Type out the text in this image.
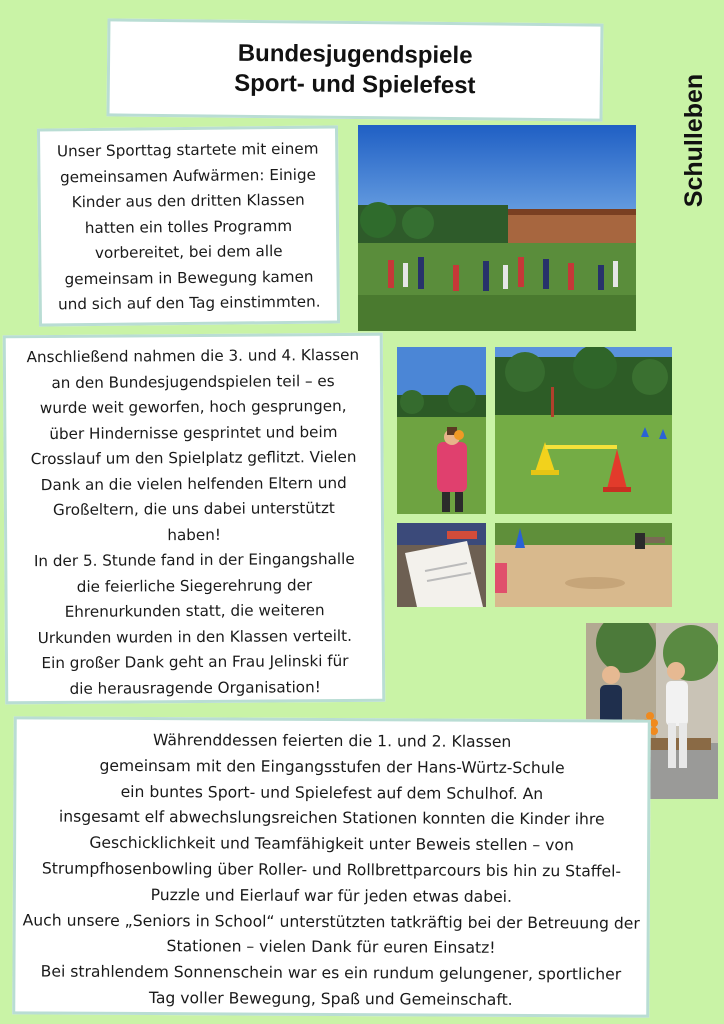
Bundesjugendspiele
Sport- und Spielefest	Schulleben

Unser Sporttag startete mit einem
gemeinsamen Aufwärmen: Einige
Kinder aus den dritten Klassen
hatten ein tolles Programm
vorbereitet, bei dem alle
gemeinsam in Bewegung kamen
und sich auf den Tag einstimmten.

Anschließend nahmen die 3. und 4. Klassen
an den Bundesjugendspielen teil – es
wurde weit geworfen, hoch gesprungen,
über Hindernisse gesprintet und beim
Crosslauf um den Spielplatz geflitzt. Vielen
Dank an die vielen helfenden Eltern und
Großeltern, die uns dabei unterstützt
haben!
In der 5. Stunde fand in der Eingangshalle
die feierliche Siegerehrung der
Ehrenurkunden statt, die weiteren
Urkunden wurden in den Klassen verteilt.
Ein großer Dank geht an Frau Jelinski für
die herausragende Organisation!

Währenddessen feierten die 1. und 2. Klassen
gemeinsam mit den Eingangsstufen der Hans-Würtz-Schule
ein buntes Sport- und Spielefest auf dem Schulhof. An
insgesamt elf abwechslungsreichen Stationen konnten die Kinder ihre
Geschicklichkeit und Teamfähigkeit unter Beweis stellen – von
Strumpfhosenbowling über Roller- und Rollbrettparcours bis hin zu Staffel-
Puzzle und Eierlauf war für jeden etwas dabei.
Auch unsere „Seniors in School“ unterstützten tatkräftig bei der Betreuung der
Stationen – vielen Dank für euren Einsatz!
Bei strahlendem Sonnenschein war es ein rundum gelungener, sportlicher
Tag voller Bewegung, Spaß und Gemeinschaft.
